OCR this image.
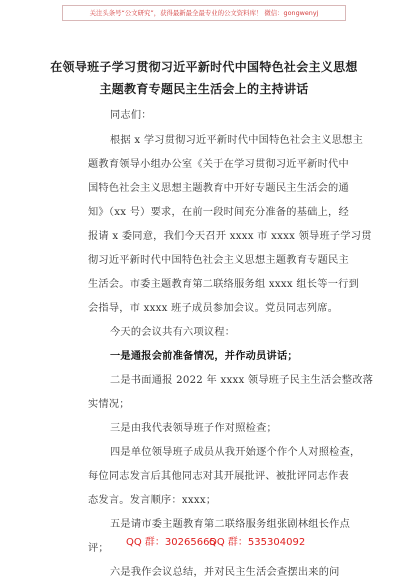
关注头条号“公文研究”，获得最新最全最专业的公文资料库！ 微信：gongwenyj
在领导班子学习贯彻习近平新时代中国特色社会主义思想
主题教育专题民主生活会上的主持讲话
同志们：
根据 x 学习贯彻习近平新时代中国特色社会主义思想主
题教育领导小组办公室《关于在学习贯彻习近平新时代中
国特色社会主义思想主题教育中开好专题民主生活会的通
知》（xx 号）要求，在前一段时间充分准备的基础上，经
报请 x 委同意，我们今天召开 xxxx 市 xxxx 领导班子学习贯
彻习近平新时代中国特色社会主义思想主题教育专题民主
生活会。市委主题教育第二联络服务组 xxxx 组长等一行到
会指导，市 xxxx 班子成员参加会议。党员同志列席。
今天的会议共有六项议程：
一是通报会前准备情况，并作动员讲话；
二是书面通报 2022 年 xxxx 领导班子民主生活会整改落
实情况；
三是由我代表领导班子作对照检查；
四是单位领导班子成员从我开始逐个作个人对照检查，
每位同志发言后其他同志对其开展批评、被批评同志作表
态发言。发言顺序：xxxx；
五是请市委主题教育第二联络服务组张剧林组长作点
评；
六是我作会议总结，并对民主生活会查摆出来的问
QQ 群：30265665
QQ 群：535304092
